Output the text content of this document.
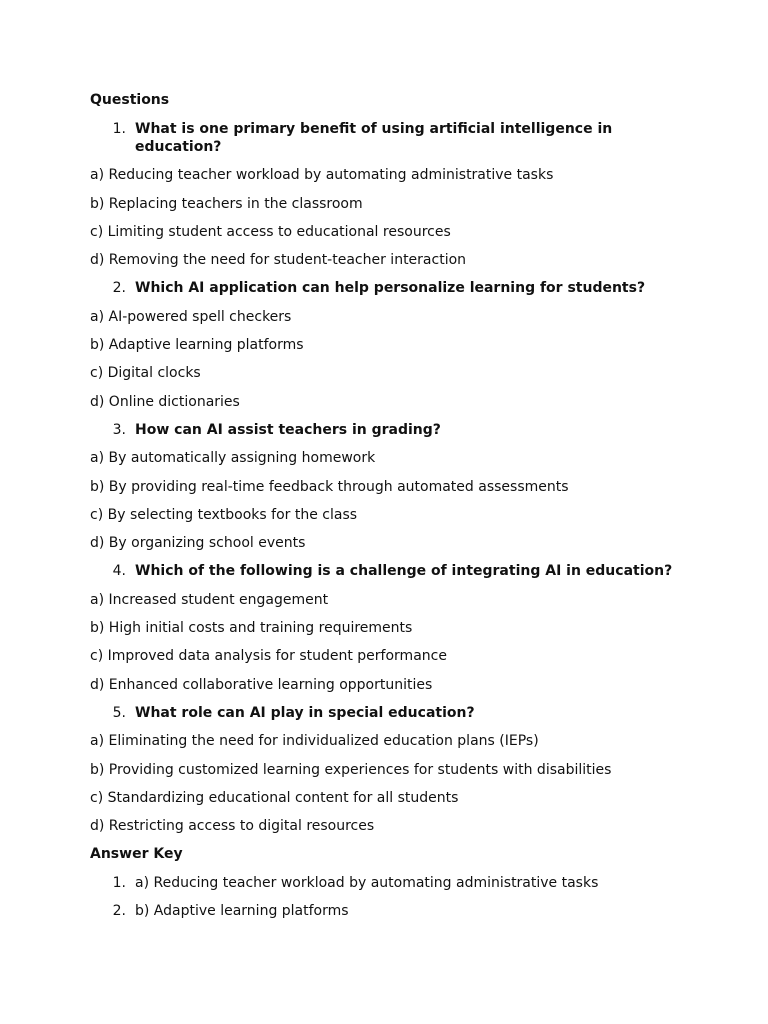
Questions
1. What is one primary benefit of using artificial intelligence in education?
a) Reducing teacher workload by automating administrative tasks
b) Replacing teachers in the classroom
c) Limiting student access to educational resources
d) Removing the need for student-teacher interaction
2. Which AI application can help personalize learning for students?
a) AI-powered spell checkers
b) Adaptive learning platforms
c) Digital clocks
d) Online dictionaries
3. How can AI assist teachers in grading?
a) By automatically assigning homework
b) By providing real-time feedback through automated assessments
c) By selecting textbooks for the class
d) By organizing school events
4. Which of the following is a challenge of integrating AI in education?
a) Increased student engagement
b) High initial costs and training requirements
c) Improved data analysis for student performance
d) Enhanced collaborative learning opportunities
5. What role can AI play in special education?
a) Eliminating the need for individualized education plans (IEPs)
b) Providing customized learning experiences for students with disabilities
c) Standardizing educational content for all students
d) Restricting access to digital resources
Answer Key
1. a) Reducing teacher workload by automating administrative tasks
2. b) Adaptive learning platforms
